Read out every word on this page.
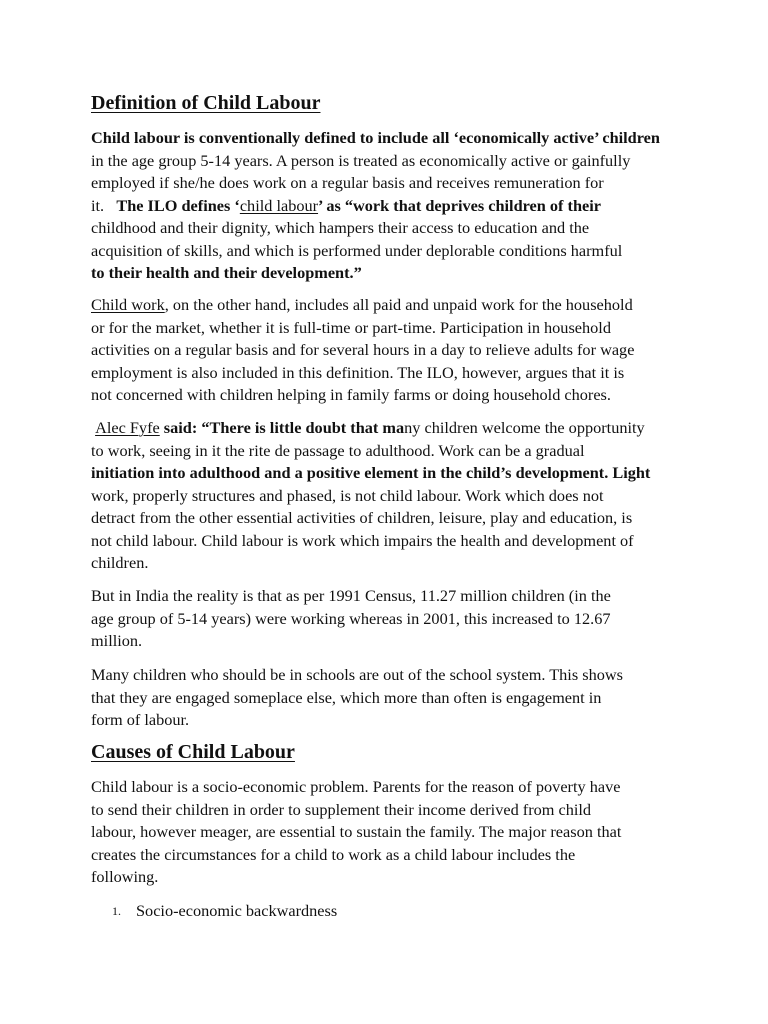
Definition of Child Labour

Child labour is conventionally defined to include all ‘economically active’ children
in the age group 5-14 years. A person is treated as economically active or gainfully
employed if she/he does work on a regular basis and receives remuneration for
it. The ILO defines ‘child labour’ as “work that deprives children of their
childhood and their dignity, which hampers their access to education and the
acquisition of skills, and which is performed under deplorable conditions harmful
to their health and their development.”

Child work, on the other hand, includes all paid and unpaid work for the household
or for the market, whether it is full-time or part-time. Participation in household
activities on a regular basis and for several hours in a day to relieve adults for wage
employment is also included in this definition. The ILO, however, argues that it is
not concerned with children helping in family farms or doing household chores.

Alec Fyfe said: “There is little doubt that many children welcome the opportunity
to work, seeing in it the rite de passage to adulthood. Work can be a gradual
initiation into adulthood and a positive element in the child’s development. Light
work, properly structures and phased, is not child labour. Work which does not
detract from the other essential activities of children, leisure, play and education, is
not child labour. Child labour is work which impairs the health and development of
children.

But in India the reality is that as per 1991 Census, 11.27 million children (in the
age group of 5-14 years) were working whereas in 2001, this increased to 12.67
million.

Many children who should be in schools are out of the school system. This shows
that they are engaged someplace else, which more than often is engagement in
form of labour.

Causes of Child Labour

Child labour is a socio-economic problem. Parents for the reason of poverty have
to send their children in order to supplement their income derived from child
labour, however meager, are essential to sustain the family. The major reason that
creates the circumstances for a child to work as a child labour includes the
following.

1. Socio-economic backwardness
